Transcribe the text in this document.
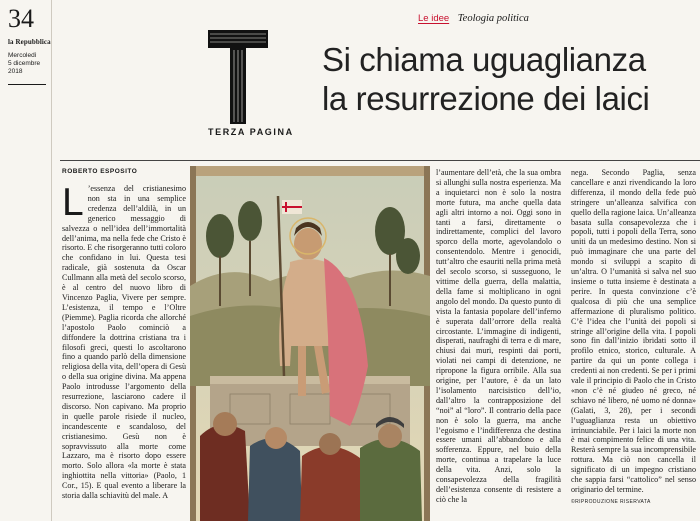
34
la Repubblica
Mercoledì
5 dicembre
2018
TERZA PAGINA
Le idee Teologia politica
Si chiama uguaglianza
la resurrezione dei laici
ROBERTO ESPOSITO
L ’essenza del cristianesimo non sta in una semplice credenza dell’aldilà, in un generico messaggio di salvezza o nell’idea dell’immortalità dell’anima, ma nella fede che Cristo è risorto. E che risorgeranno tutti coloro che confidano in lui. Questa tesi radicale, già sostenuta da Oscar Cullmann alla metà del secolo scorso, è al centro del nuovo libro di Vincenzo Paglia, Vivere per sempre. L’esistenza, il tempo e l’Oltre (Piemme). Paglia ricorda che allorché l’apostolo Paolo cominciò a diffondere la dottrina cristiana tra i filosofi greci, questi lo ascoltarono fino a quando parlò della dimensione religiosa della vita, dell’opera di Gesù o della sua origine divina. Ma appena Paolo introdusse l’argomento della resurrezione, lasciarono cadere il discorso. Non capivano. Ma proprio in quelle parole risiede il nucleo, incandescente e scandaloso, del cristianesimo. Gesù non è sopravvissuto alla morte come Lazzaro, ma è risorto dopo essere morto. Solo allora «la morte è stata inghiottita nella vittoria» (Paolo, 1 Cor., 15). E qual evento a liberare la storia dalla schiavitù del male. A
l’aumentare dell’età, che la sua ombra si allunghi sulla nostra esperienza. Ma a inquietarci non è solo la nostra morte futura, ma anche quella data agli altri intorno a noi. Oggi sono in tanti a farsi, direttamente o indirettamente, complici del lavoro sporco della morte, agevolandolo o consentendolo. Mentre i genocidi, tutt’altro che esauriti nella prima metà del secolo scorso, si susseguono, le vittime della guerra, della malattia, della fame si moltiplicano in ogni angolo del mondo. Da questo punto di vista la fantasia popolare dell’inferno è superata dall’orrore della realtà circostante. L’immagine di indigenti, disperati, naufraghi di terra e di mare, chiusi dai muri, respinti dai porti, violati nei campi di detenzione, ne ripropone la figura orribile. Alla sua origine, per l’autore, è da un lato l’isolamento narcisistico dell’io, dall’altro la contrapposizione del “noi” al “loro”. Il contrario della pace non è solo la guerra, ma anche l’egoismo e l’indifferenza che destina essere umani all’abbandono e alla sofferenza. Eppure, nel buio della morte, continua a trapelare la luce della vita. Anzi, solo la consapevolezza della fragilità dell’esistenza consente di resistere a ciò che la
nega. Secondo Paglia, senza cancellare e anzi rivendicando la loro differenza, il mondo della fede può stringere un’alleanza salvifica con quello della ragione laica. Un’alleanza basata sulla consapevolezza che i popoli, tutti i popoli della Terra, sono uniti da un medesimo destino. Non si può immaginare che una parte del mondo si sviluppi a scapito di un’altra. O l’umanità si salva nel suo insieme o tutta insieme è destinata a perire. In questa convinzione c’è qualcosa di più che una semplice affermazione di pluralismo politico. C’è l’idea che l’unità dei popoli si stringe all’origine della vita. I popoli sono fin dall’inizio ibridati sotto il profilo etnico, storico, culturale. A partire da qui un ponte collega i credenti ai non credenti. Se per i primi vale il principio di Paolo che in Cristo «non c’è né giudeo né greco, né schiavo né libero, né uomo né donna» (Galati, 3, 28), per i secondi l’uguaglianza resta un obiettivo irrinunciabile. Per i laici la morte non è mai compimento felice di una vita. Resterà sempre la sua incomprensibile rottura. Ma ciò non cancella il significato di un impegno cristiano che sappia farsi “cattolico” nel senso originario del termine.
©RIPRODUZIONE RISERVATA
